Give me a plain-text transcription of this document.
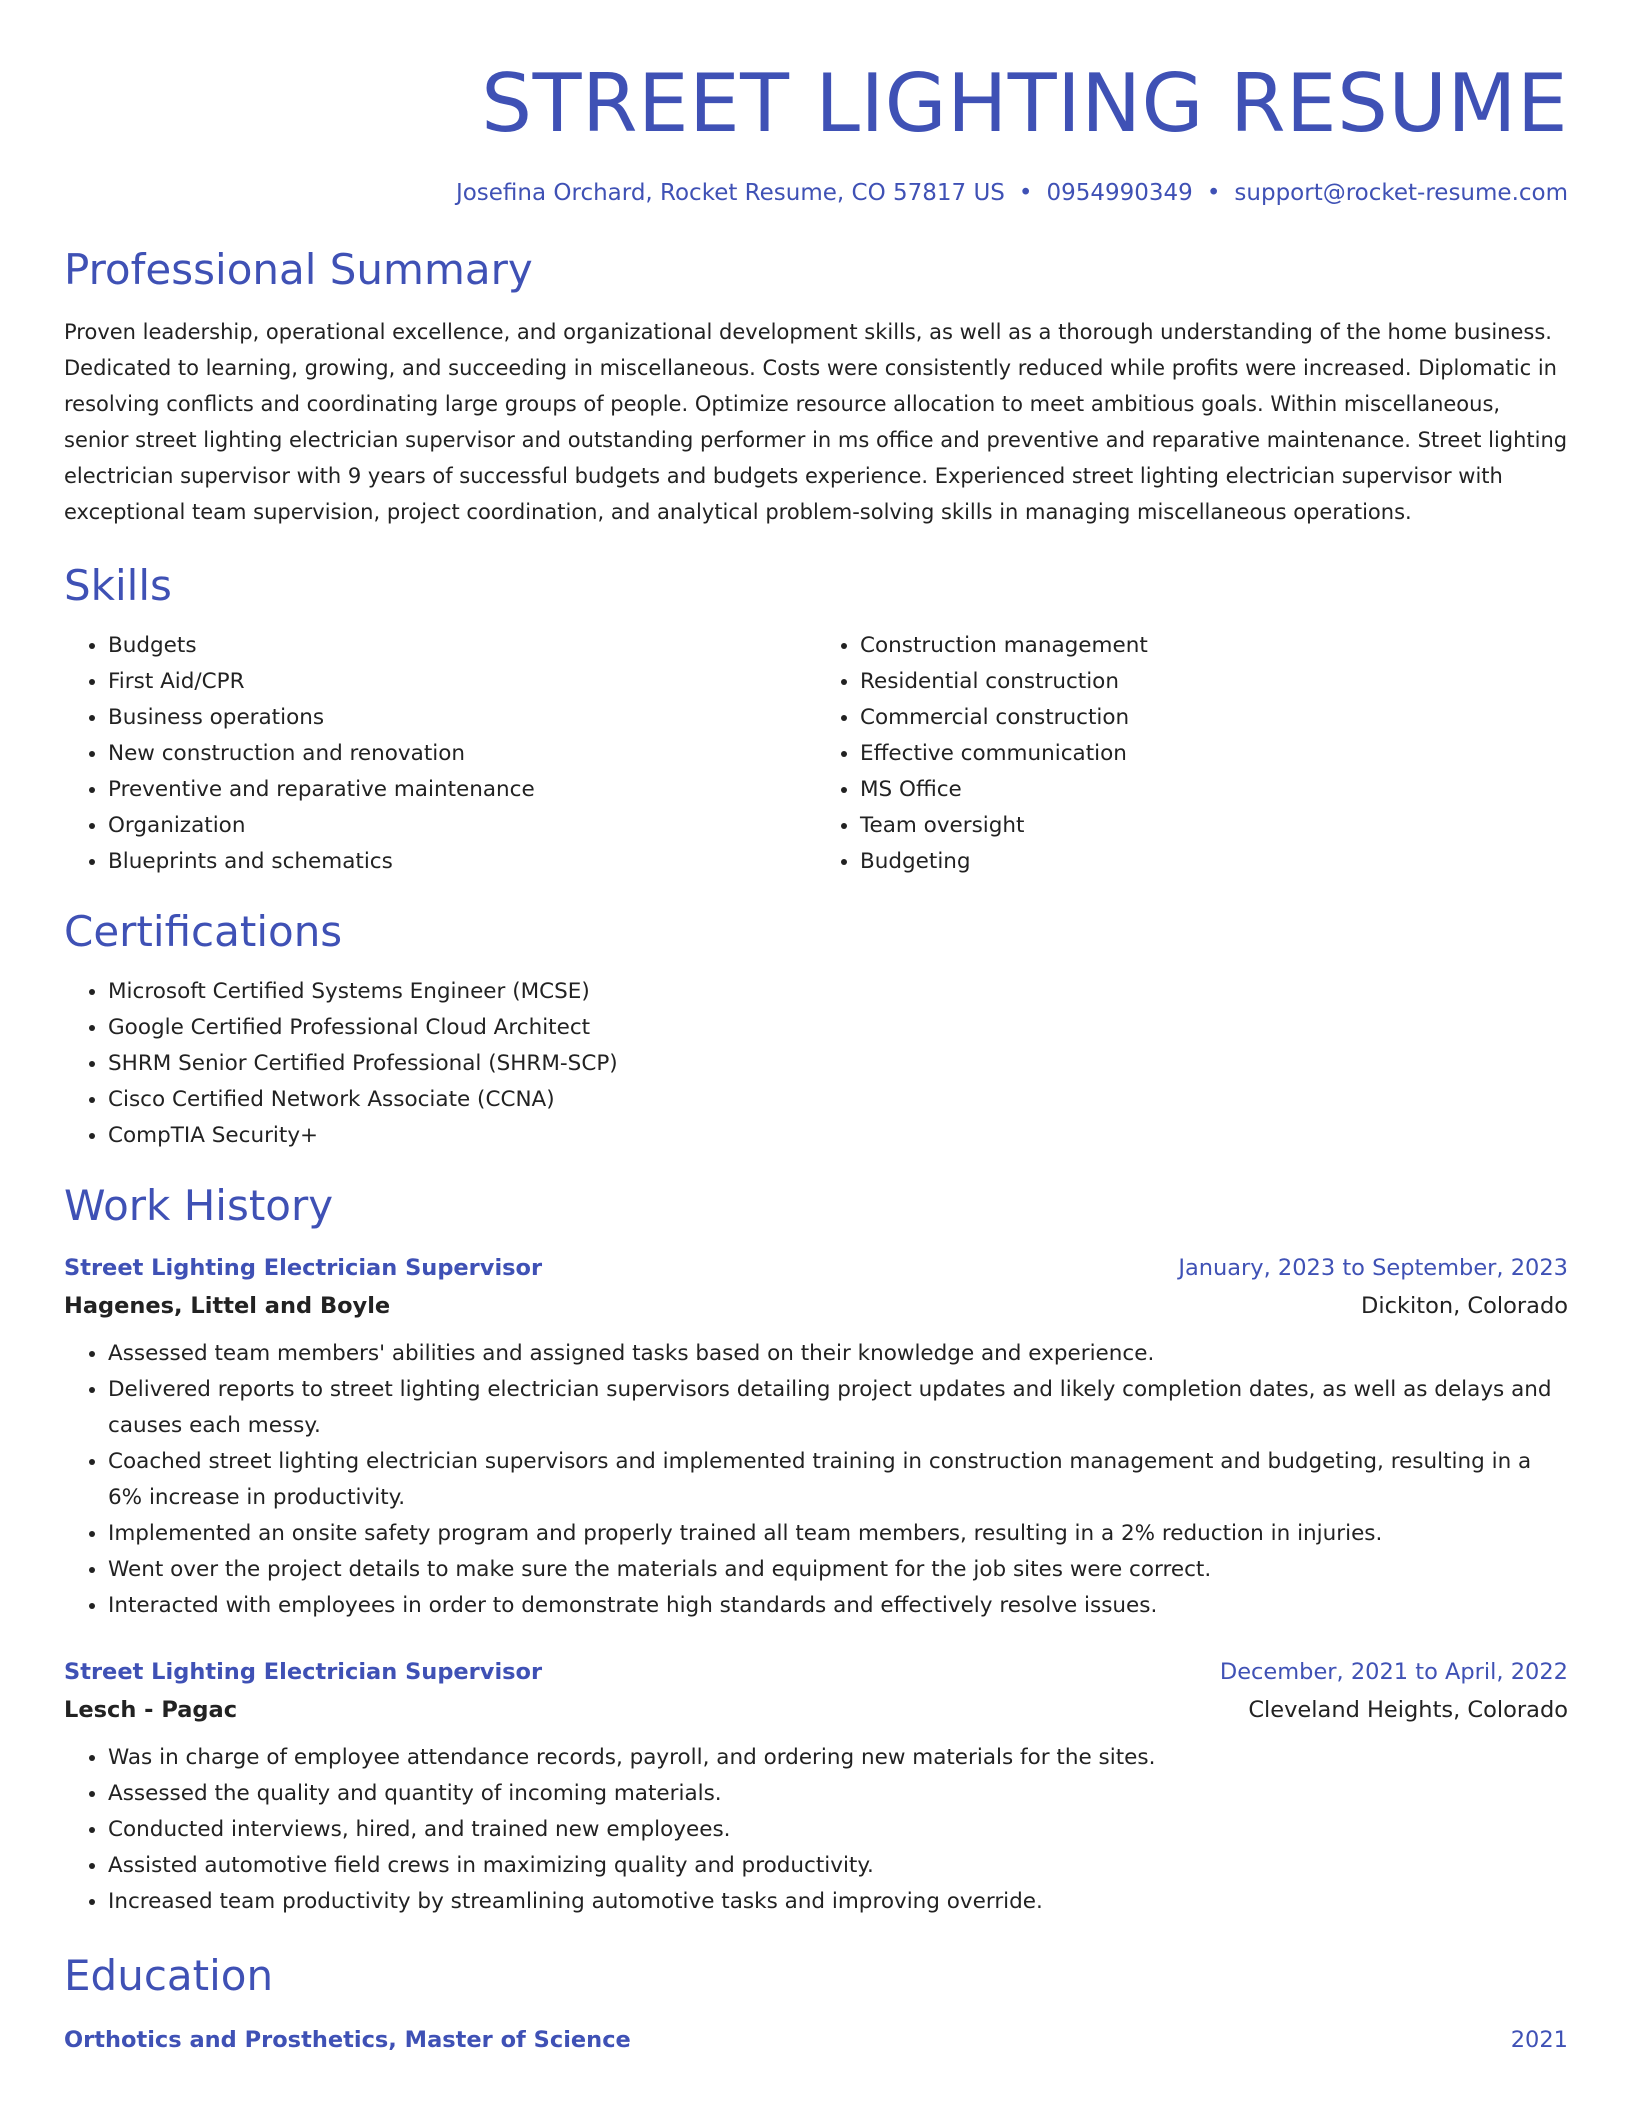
STREET LIGHTING RESUME
Josefina Orchard, Rocket Resume, CO 57817 US • 0954990349 • support@rocket-resume.com
Professional Summary

Proven leadership, operational excellence, and organizational development skills, as well as a thorough understanding of the home business. Dedicated to learning, growing, and succeeding in miscellaneous. Costs were consistently reduced while profits were increased. Diplomatic in resolving conflicts and coordinating large groups of people. Optimize resource allocation to meet ambitious goals. Within miscellaneous, senior street lighting electrician supervisor and outstanding performer in ms office and preventive and reparative maintenance. Street lighting electrician supervisor with 9 years of successful budgets and budgets experience. Experienced street lighting electrician supervisor with exceptional team supervision, project coordination, and analytical problem-solving skills in managing miscellaneous operations.

Skills
• Budgets
• First Aid/CPR
• Business operations
• New construction and renovation
• Preventive and reparative maintenance
• Organization
• Blueprints and schematics
• Construction management
• Residential construction
• Commercial construction
• Effective communication
• MS Office
• Team oversight
• Budgeting
Certifications
• Microsoft Certified Systems Engineer (MCSE)
• Google Certified Professional Cloud Architect
• SHRM Senior Certified Professional (SHRM-SCP)
• Cisco Certified Network Associate (CCNA)
• CompTIA Security+
Work History
Street Lighting Electrician Supervisor	January, 2023 to September, 2023
Hagenes, Littel and Boyle	Dickiton, Colorado
• Assessed team members' abilities and assigned tasks based on their knowledge and experience.
• Delivered reports to street lighting electrician supervisors detailing project updates and likely completion dates, as well as delays and causes each messy.
• Coached street lighting electrician supervisors and implemented training in construction management and budgeting, resulting in a 6% increase in productivity.
• Implemented an onsite safety program and properly trained all team members, resulting in a 2% reduction in injuries.
• Went over the project details to make sure the materials and equipment for the job sites were correct.
• Interacted with employees in order to demonstrate high standards and effectively resolve issues.
Street Lighting Electrician Supervisor	December, 2021 to April, 2022
Lesch - Pagac	Cleveland Heights, Colorado
• Was in charge of employee attendance records, payroll, and ordering new materials for the sites.
• Assessed the quality and quantity of incoming materials.
• Conducted interviews, hired, and trained new employees.
• Assisted automotive field crews in maximizing quality and productivity.
• Increased team productivity by streamlining automotive tasks and improving override.
Education
Orthotics and Prosthetics, Master of Science	2021
